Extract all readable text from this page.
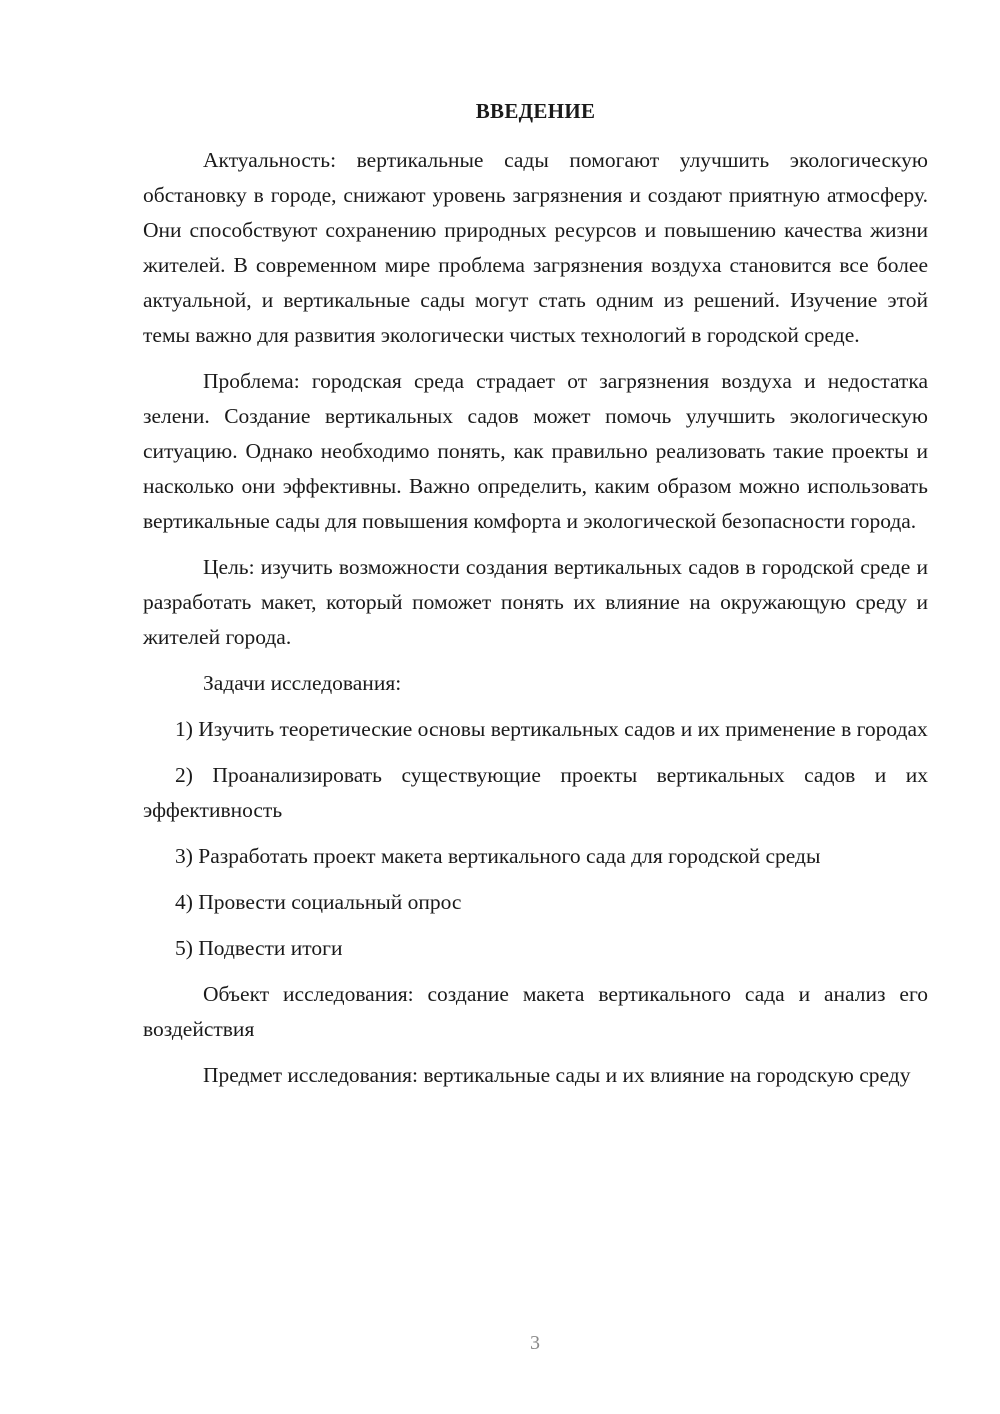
ВВЕДЕНИЕ

Актуальность: вертикальные сады помогают улучшить экологическую обстановку в городе, снижают уровень загрязнения и создают приятную атмосферу. Они способствуют сохранению природных ресурсов и повышению качества жизни жителей. В современном мире проблема загрязнения воздуха становится все более актуальной, и вертикальные сады могут стать одним из решений. Изучение этой темы важно для развития экологически чистых технологий в городской среде.

Проблема: городская среда страдает от загрязнения воздуха и недостатка зелени. Создание вертикальных садов может помочь улучшить экологическую ситуацию. Однако необходимо понять, как правильно реализовать такие проекты и насколько они эффективны. Важно определить, каким образом можно использовать вертикальные сады для повышения комфорта и экологической безопасности города.

Цель: изучить возможности создания вертикальных садов в городской среде и разработать макет, который поможет понять их влияние на окружающую среду и жителей города.

Задачи исследования:

1) Изучить теоретические основы вертикальных садов и их применение в городах

2) Проанализировать существующие проекты вертикальных садов и их эффективность

3) Разработать проект макета вертикального сада для городской среды

4) Провести социальный опрос

5) Подвести итоги

Объект исследования: создание макета вертикального сада и анализ его воздействия

Предмет исследования: вертикальные сады и их влияние на городскую среду

3
